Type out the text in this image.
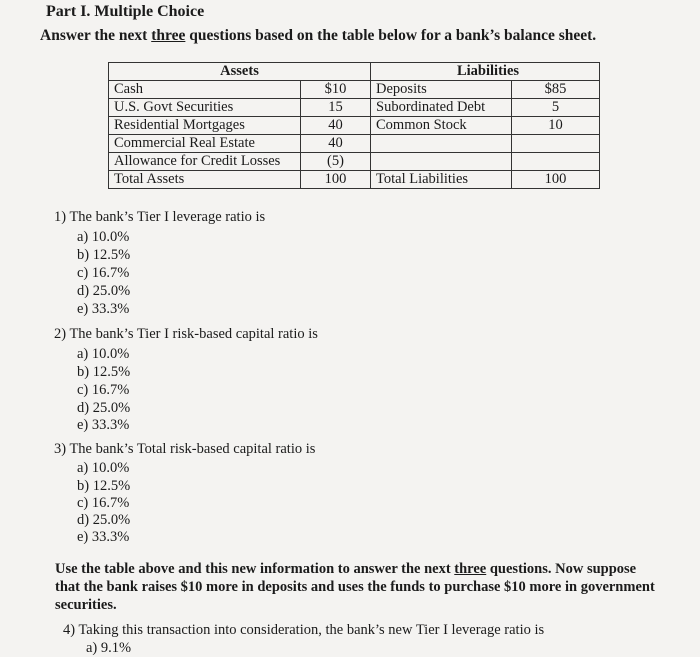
Part I. Multiple Choice
Answer the next three questions based on the table below for a bank’s balance sheet.
Assets		Liabilities	
Cash	$10	Deposits	$85
U.S. Govt Securities	15	Subordinated Debt	5
Residential Mortgages	40	Common Stock	10
Commercial Real Estate	40		
Allowance for Credit Losses	(5)		
Total Assets	100	Total Liabilities	100
1) The bank’s Tier I leverage ratio is
a) 10.0%
b) 12.5%
c) 16.7%
d) 25.0%
e) 33.3%
2) The bank’s Tier I risk-based capital ratio is
a) 10.0%
b) 12.5%
c) 16.7%
d) 25.0%
e) 33.3%
3) The bank’s Total risk-based capital ratio is
a) 10.0%
b) 12.5%
c) 16.7%
d) 25.0%
e) 33.3%
Use the table above and this new information to answer the next three questions. Now suppose that the bank raises $10 more in deposits and uses the funds to purchase $10 more in government securities.
4) Taking this transaction into consideration, the bank’s new Tier I leverage ratio is
a) 9.1%
